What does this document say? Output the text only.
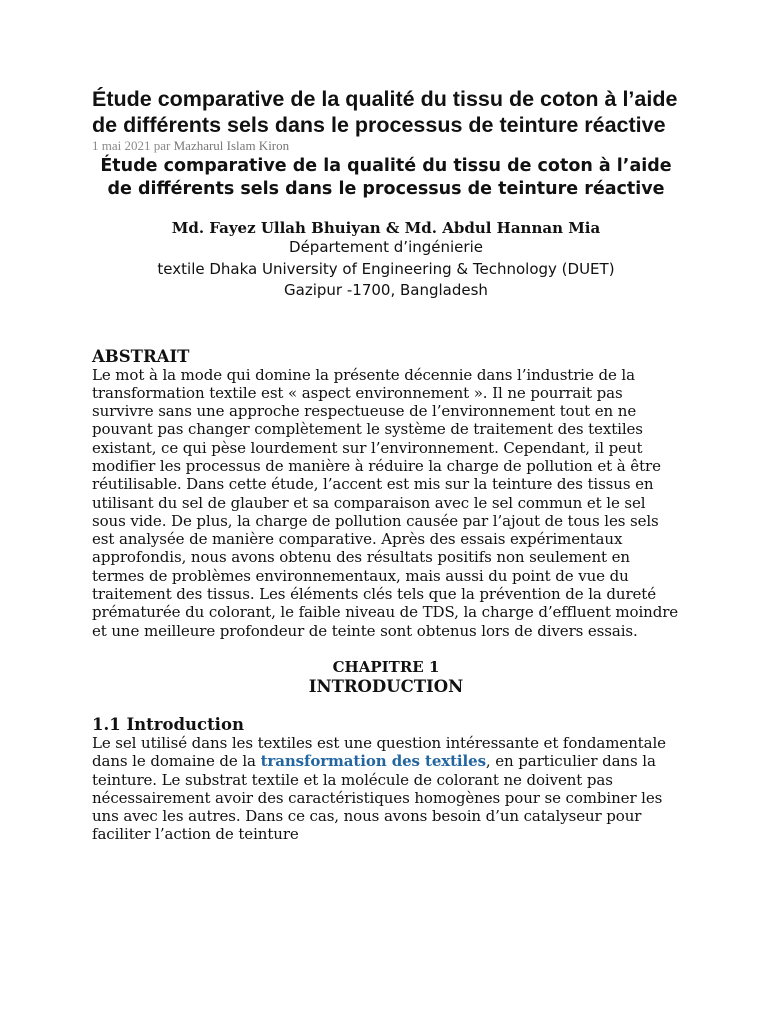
Étude comparative de la qualité du tissu de coton à l’aide de différents sels dans le processus de teinture réactive

1 mai 2021 par Mazharul Islam Kiron

Étude comparative de la qualité du tissu de coton à l’aide de différents sels dans le processus de teinture réactive

Md. Fayez Ullah Bhuiyan & Md. Abdul Hannan Mia

Département d’ingénierie

textile Dhaka University of Engineering & Technology (DUET)

Gazipur -1700, Bangladesh

ABSTRAIT

Le mot à la mode qui domine la présente décennie dans l’industrie de la transformation textile est « aspect environnement ». Il ne pourrait pas survivre sans une approche respectueuse de l’environnement tout en ne pouvant pas changer complètement le système de traitement des textiles existant, ce qui pèse lourdement sur l’environnement. Cependant, il peut modifier les processus de manière à réduire la charge de pollution et à être réutilisable. Dans cette étude, l’accent est mis sur la teinture des tissus en utilisant du sel de glauber et sa comparaison avec le sel commun et le sel sous vide. De plus, la charge de pollution causée par l’ajout de tous les sels est analysée de manière comparative. Après des essais expérimentaux approfondis, nous avons obtenu des résultats positifs non seulement en termes de problèmes environnementaux, mais aussi du point de vue du traitement des tissus. Les éléments clés tels que la prévention de la dureté prématurée du colorant, le faible niveau de TDS, la charge d’effluent moindre et une meilleure profondeur de teinte sont obtenus lors de divers essais.

CHAPITRE 1

INTRODUCTION

1.1 Introduction

Le sel utilisé dans les textiles est une question intéressante et fondamentale dans le domaine de la transformation des textiles, en particulier dans la teinture. Le substrat textile et la molécule de colorant ne doivent pas nécessairement avoir des caractéristiques homogènes pour se combiner les uns avec les autres. Dans ce cas, nous avons besoin d’un catalyseur pour faciliter l’action de teinture
